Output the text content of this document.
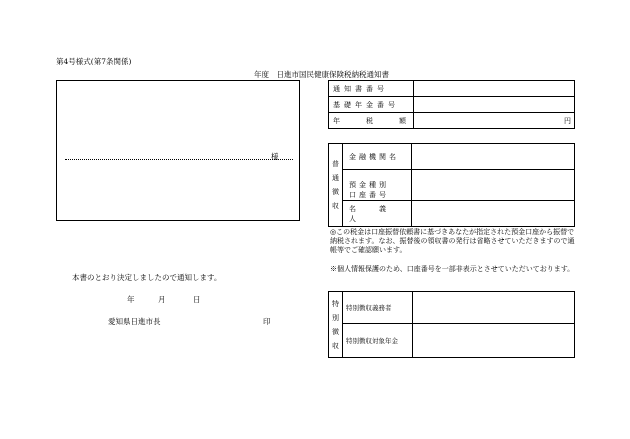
第4号様式(第7条関係)
年度　日進市国民健康保険税納税通知書
様
通知書番号	
基礎年金番号	
年　　税　　額	円
普
通
徴
収	金融機関名	

預金種別
口座番号

	名　　義　　人	
◎この税金は口座振替依頼書に基づきあなたが指定された預金口座から振替で納税されます。なお、振替後の領収書の発行は省略させていただきますので通帳等でご確認願います。
※個人情報保護のため、口座番号を一部非表示とさせていただいております。
特
別
徴
収	特別徴収義務者	
	特別徴収対象年金	
本書のとおり決定しましたので通知します。
年	月	日
愛知県日進市長	印
